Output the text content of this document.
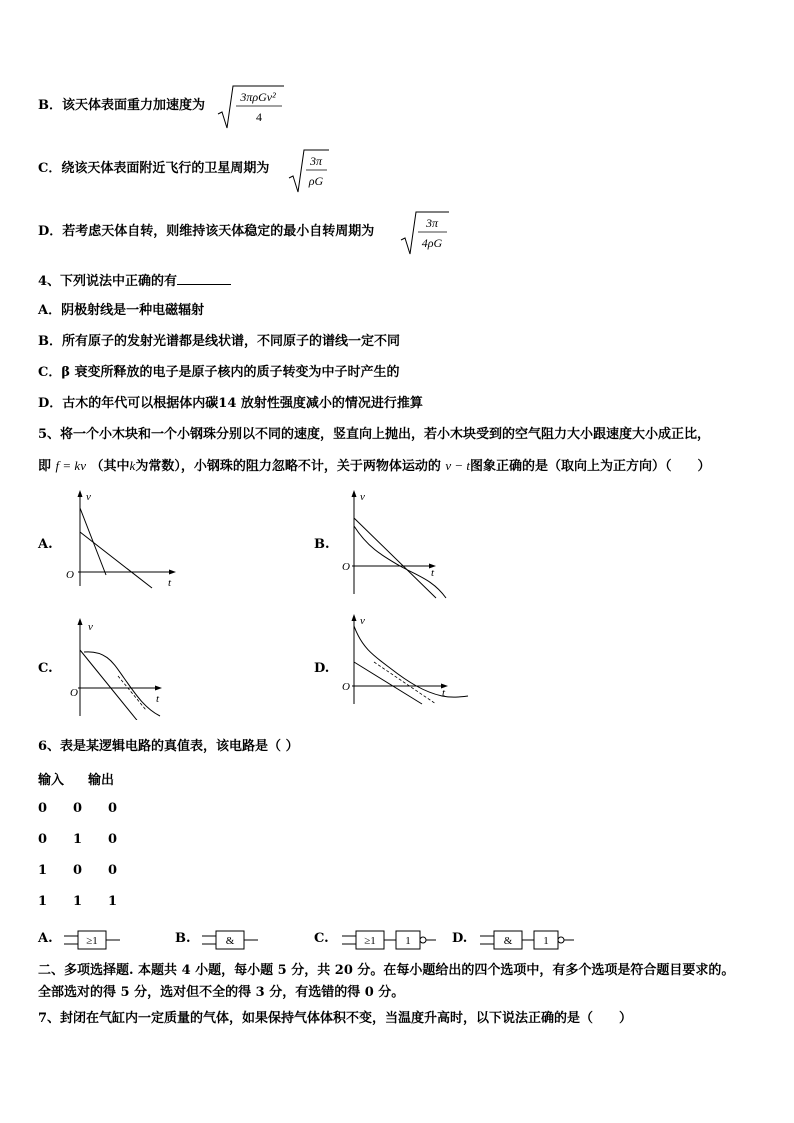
B．该天体表面重力加速度为
3πρGv²
4
C．绕该天体表面附近飞行的卫星周期为	3π
ρG
D．若考虑天体自转，则维持该天体稳定的最小自转周期为
3π
4ρG
4、下列说法中正确的有
A．阴极射线是一种电磁辐射
B．所有原子的发射光谱都是线状谱，不同原子的谱线一定不同
C．β 衰变所释放的电子是原子核内的质子转变为中子时产生的
D．古木的年代可以根据体内碳14 放射性强度减小的情况进行推算
5、将一个小木块和一个小钢珠分别以不同的速度，竖直向上抛出，若小木块受到的空气阻力大小跟速度大小成正比，
即 f = kv （其中k为常数），小钢珠的阻力忽略不计，关于两物体运动的 v − t图象正确的是（取向上为正方向）（　　）
A.	B.
C.	D.
v
t
O
v
t
O
v
t
O
v
t
O
6、表是某逻辑电路的真值表，该电路是（ ）
输入 输出
0 0 0
0 1 0
1 0 0
1 1 1
A.	≥1	B.	&	C.	≥1	1	D.	&	1
二、多项选择题. 本题共 4 小题，每小题 5 分，共 20 分。在每小题给出的四个选项中，有多个选项是符合题目要求的。
全部选对的得 5 分，选对但不全的得 3 分，有选错的得 0 分。
7、封闭在气缸内一定质量的气体，如果保持气体体积不变，当温度升高时，以下说法正确的是（　　）
